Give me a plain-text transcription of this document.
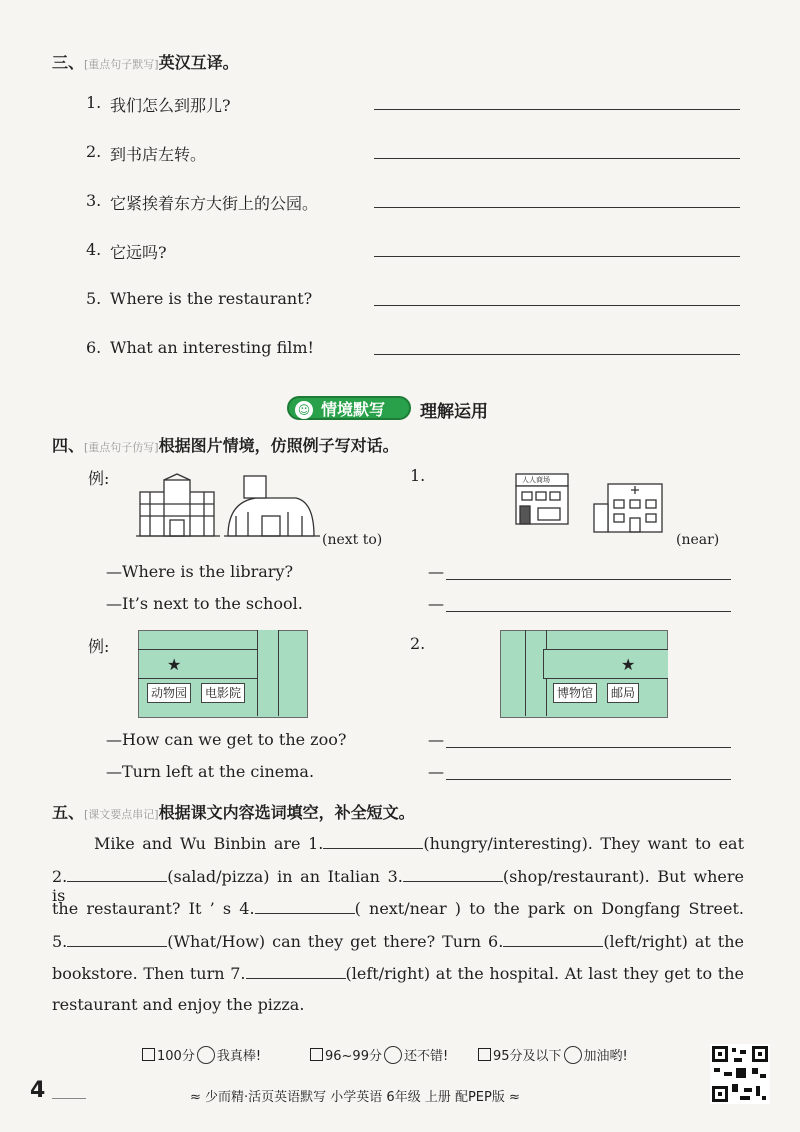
三、[重点句子默写]英汉互译。
1. 我们怎么到那儿?
2. 到书店左转。
3. 它紧挨着东方大街上的公园。
4. 它远吗?
5. Where is the restaurant?
6. What an interesting film!
☺ 情境默写	理解运用
四、[重点句子仿写]根据图片情境，仿照例子写对话。
例:
(next to)
—Where is the library?
—It’s next to the school.
1.	人人商场
(near)
—
—
例:
★
动物园	电影院
—How can we get to the zoo?
—Turn left at the cinema.
2.
★
博物馆	邮局
—
—
五、[课文要点串记]根据课文内容选词填空，补全短文。
Mike and Wu Binbin are 1.	(hungry/interesting). They want to eat
2.	(salad/pizza) in an Italian 3.	(shop/restaurant). But where is
the restaurant? It ’ s 4.	( next/near ) to the park on Dongfang Street.
5.	(What/How) can they get there? Turn 6.	(left/right) at the
bookstore. Then turn 7.	(left/right) at the hospital. At last they get to the
restaurant and enjoy the pizza.
100分 我真棒!	96~99分 还不错!	95分及以下 加油哟!
4	≈ 少而精·活页英语默写 小学英语 6年级 上册 配PEP版 ≈
